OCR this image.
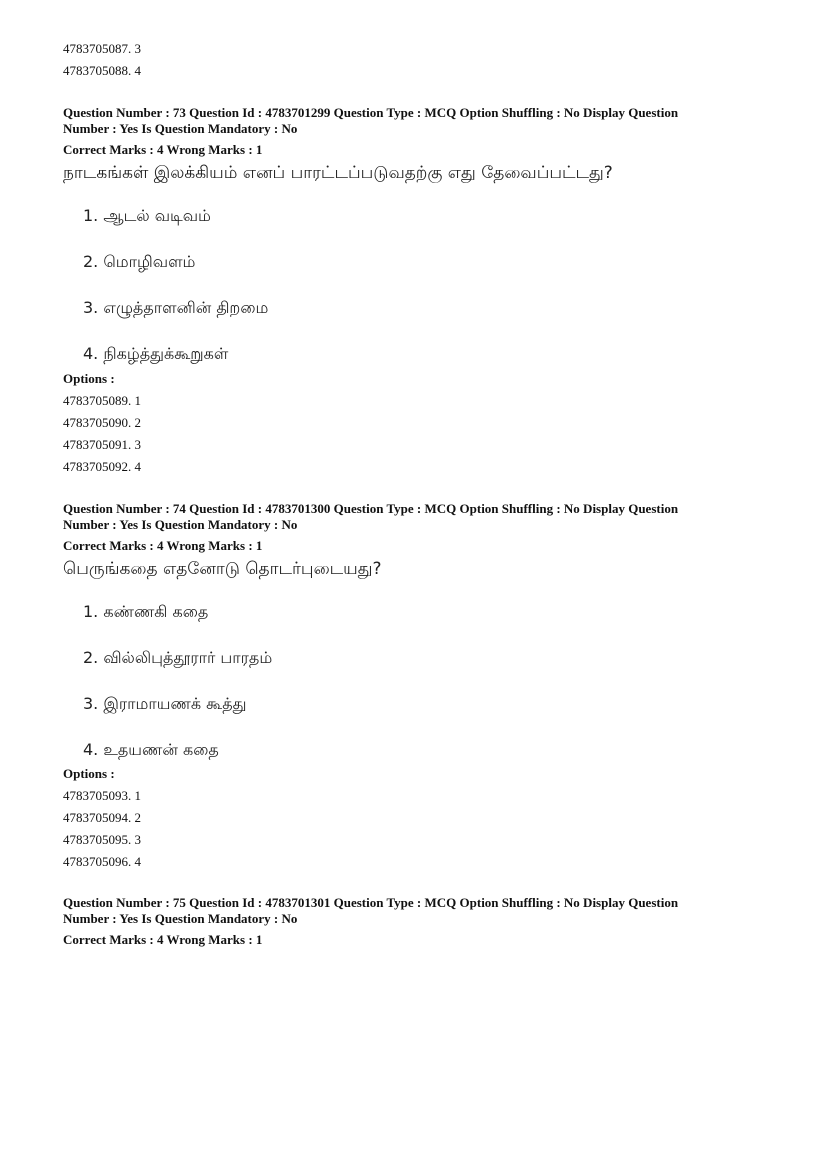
4783705087. 3
4783705088. 4
Question Number : 73 Question Id : 4783701299 Question Type : MCQ Option Shuffling : No Display Question
Number : Yes Is Question Mandatory : No
Correct Marks : 4 Wrong Marks : 1
நாடகங்கள் இலக்கியம் எனப் பாரட்டப்படுவதற்கு எது தேவைப்பட்டது?
1. ஆடல் வடிவம்
2. மொழிவளம்
3. எழுத்தாளனின் திறமை
4. நிகழ்த்துக்கூறுகள்
Options :
4783705089. 1
4783705090. 2
4783705091. 3
4783705092. 4
Question Number : 74 Question Id : 4783701300 Question Type : MCQ Option Shuffling : No Display Question
Number : Yes Is Question Mandatory : No
Correct Marks : 4 Wrong Marks : 1
பெருங்கதை எதனோடு தொடர்புடையது?
1. கண்ணகி கதை
2. வில்லிபுத்தூரார் பாரதம்
3. இராமாயணக் கூத்து
4. உதயணன் கதை
Options :
4783705093. 1
4783705094. 2
4783705095. 3
4783705096. 4
Question Number : 75 Question Id : 4783701301 Question Type : MCQ Option Shuffling : No Display Question
Number : Yes Is Question Mandatory : No
Correct Marks : 4 Wrong Marks : 1
